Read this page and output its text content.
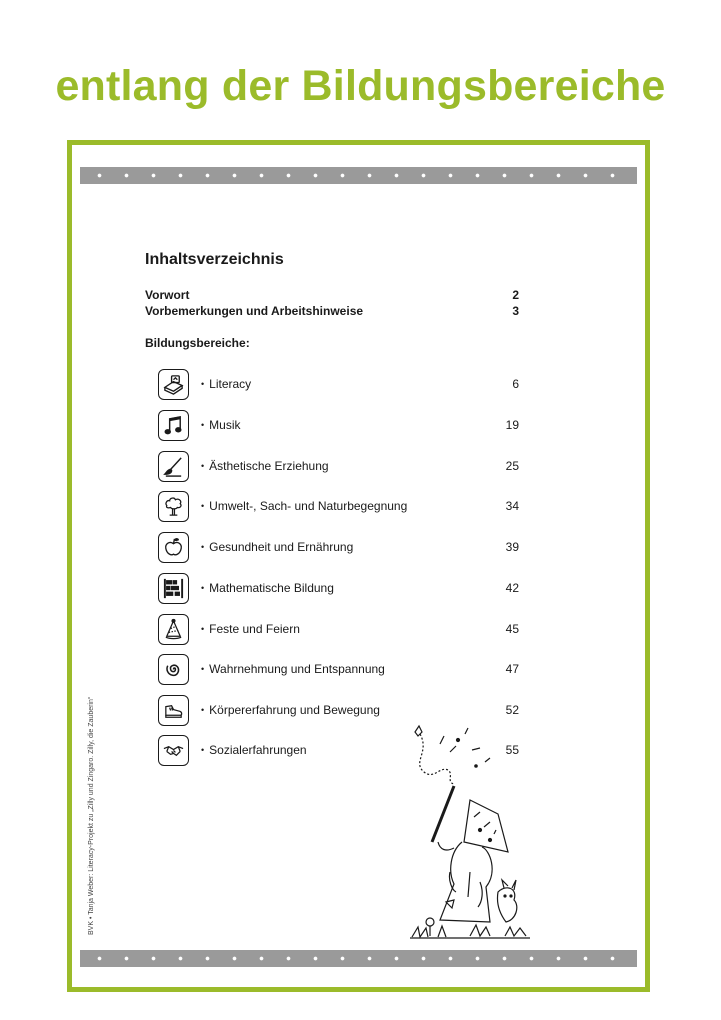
entlang der Bildungsbereiche
BVK • Tanja Weber: Literacy-Projekt zu „Zilly und Zingaro. Zilly, die Zauberin“
Inhaltsverzeichnis
Vorwort	2
Vorbemerkungen und Arbeitshinweise	3
Bildungsbereiche:
• Literacy	6
• Musik	19
• Ästhetische Erziehung	25
• Umwelt-, Sach- und Naturbegegnung	34
• Gesundheit und Ernährung	39
• Mathematische Bildung	42
• Feste und Feiern	45
• Wahrnehmung und Entspannung	47
• Körpererfahrung und Bewegung	52
• Sozialerfahrungen	55
